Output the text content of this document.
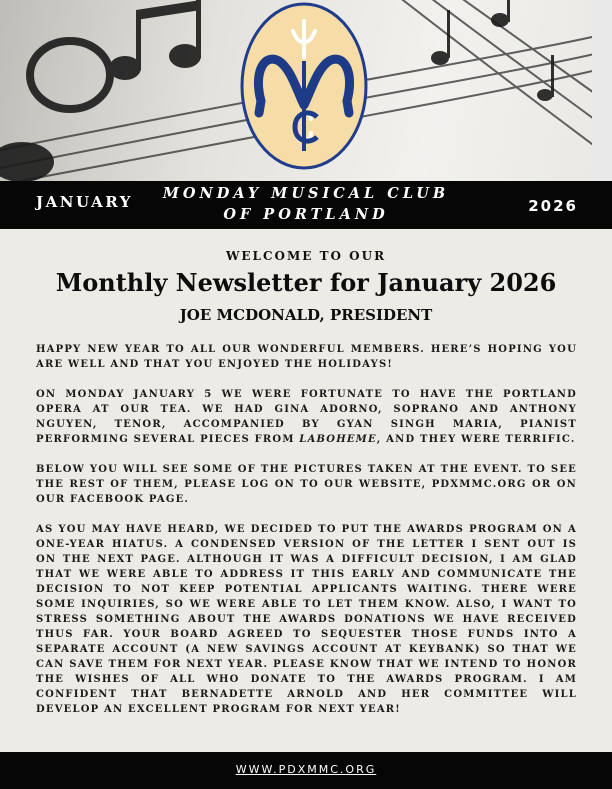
JANUARY	MONDAY MUSICAL CLUB
OF PORTLAND	2026
WELCOME TO OUR
Monthly Newsletter for January 2026
JOE MCDONALD, PRESIDENT

HAPPY NEW YEAR TO ALL OUR WONDERFUL MEMBERS. HERE’S HOPING YOU ARE WELL AND THAT YOU ENJOYED THE HOLIDAYS!

ON MONDAY JANUARY 5 WE WERE FORTUNATE TO HAVE THE PORTLAND OPERA AT OUR TEA. WE HAD GINA ADORNO, SOPRANO AND ANTHONY NGUYEN, TENOR, ACCOMPANIED BY GYAN SINGH MARIA, PIANIST PERFORMING SEVERAL PIECES FROM LABOHEME, AND THEY WERE TERRIFIC.

BELOW YOU WILL SEE SOME OF THE PICTURES TAKEN AT THE EVENT. TO SEE THE REST OF THEM, PLEASE LOG ON TO OUR WEBSITE, PDXMMC.ORG OR ON OUR FACEBOOK PAGE.

AS YOU MAY HAVE HEARD, WE DECIDED TO PUT THE AWARDS PROGRAM ON A ONE-YEAR HIATUS. A CONDENSED VERSION OF THE LETTER I SENT OUT IS ON THE NEXT PAGE. ALTHOUGH IT WAS A DIFFICULT DECISION, I AM GLAD THAT WE WERE ABLE TO ADDRESS IT THIS EARLY AND COMMUNICATE THE DECISION TO NOT KEEP POTENTIAL APPLICANTS WAITING. THERE WERE SOME INQUIRIES, SO WE WERE ABLE TO LET THEM KNOW. ALSO, I WANT TO STRESS SOMETHING ABOUT THE AWARDS DONATIONS WE HAVE RECEIVED THUS FAR. YOUR BOARD AGREED TO SEQUESTER THOSE FUNDS INTO A SEPARATE ACCOUNT (A NEW SAVINGS ACCOUNT AT KEYBANK) SO THAT WE CAN SAVE THEM FOR NEXT YEAR. PLEASE KNOW THAT WE INTEND TO HONOR THE WISHES OF ALL WHO DONATE TO THE AWARDS PROGRAM. I AM CONFIDENT THAT BERNADETTE ARNOLD AND HER COMMITTEE WILL DEVELOP AN EXCELLENT PROGRAM FOR NEXT YEAR!

WWW.PDXMMC.ORG
